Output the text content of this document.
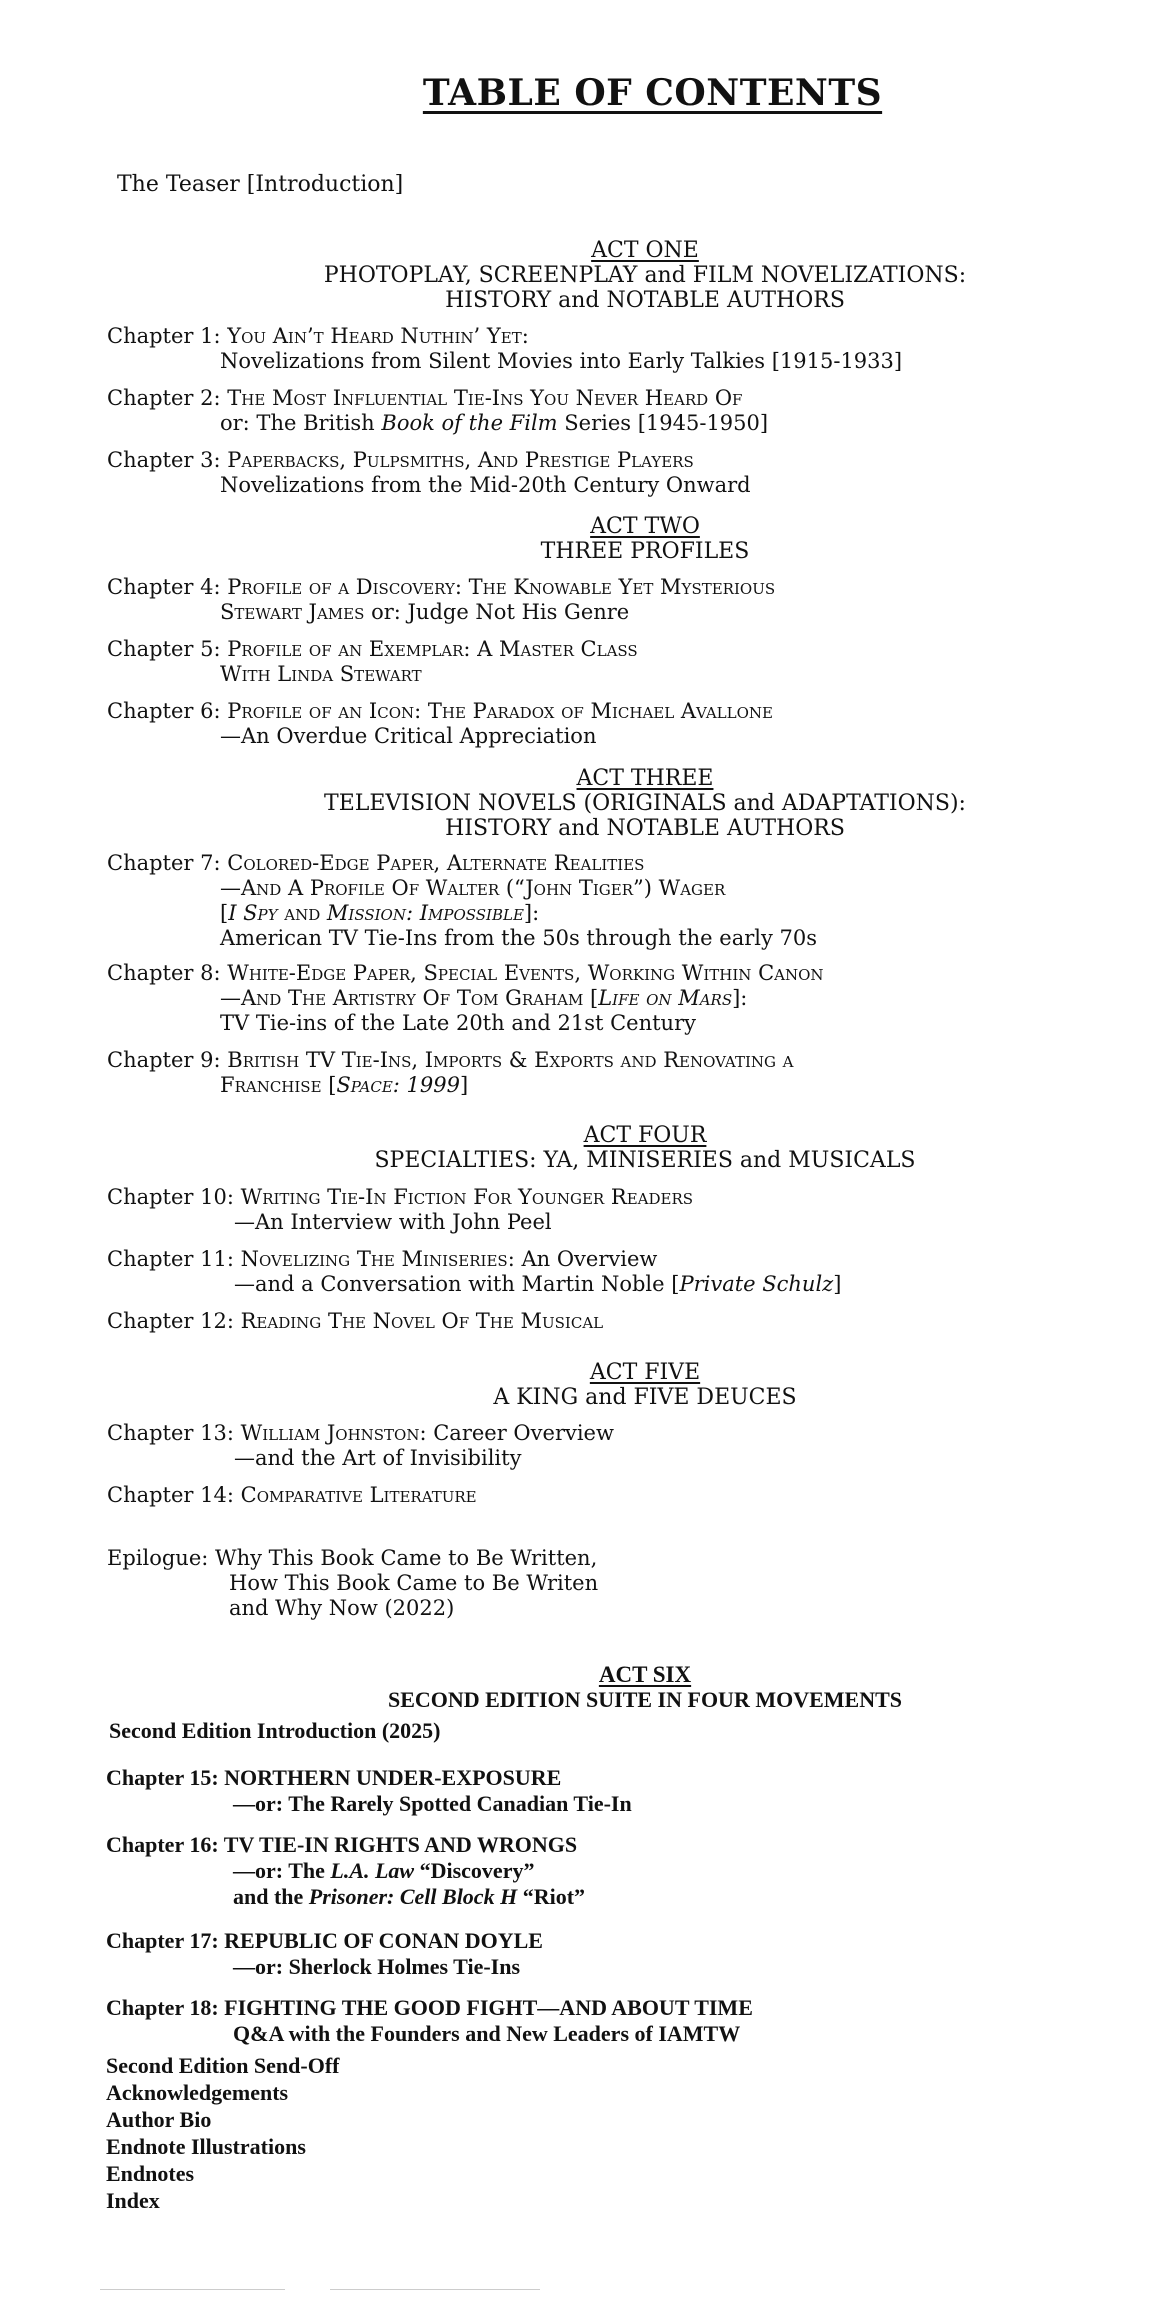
TABLE OF CONTENTS
The Teaser [Introduction]
ACT ONE
PHOTOPLAY, SCREENPLAY and FILM NOVELIZATIONS:
HISTORY and NOTABLE AUTHORS
Chapter 1: You Ain’t Heard Nuthin’ Yet:
Novelizations from Silent Movies into Early Talkies [1915-1933]
Chapter 2: The Most Influential Tie-Ins You Never Heard Of
or: The British Book of the Film Series [1945-1950]
Chapter 3: Paperbacks, Pulpsmiths, And Prestige Players
Novelizations from the Mid-20th Century Onward
ACT TWO
THREE PROFILES
Chapter 4: Profile of a Discovery: The Knowable Yet Mysterious
Stewart James or: Judge Not His Genre
Chapter 5: Profile of an Exemplar: A Master Class
With Linda Stewart
Chapter 6: Profile of an Icon: The Paradox of Michael Avallone
—An Overdue Critical Appreciation
ACT THREE
TELEVISION NOVELS (ORIGINALS and ADAPTATIONS):
HISTORY and NOTABLE AUTHORS
Chapter 7: Colored-Edge Paper, Alternate Realities
—And A Profile Of Walter (“John Tiger”) Wager
[I Spy and Mission: Impossible]:
American TV Tie-Ins from the 50s through the early 70s
Chapter 8: White-Edge Paper, Special Events, Working Within Canon
—And The Artistry Of Tom Graham [Life on Mars]:
TV Tie-ins of the Late 20th and 21st Century
Chapter 9: British TV Tie-Ins, Imports & Exports and Renovating a
Franchise [Space: 1999]
ACT FOUR
SPECIALTIES: YA, MINISERIES and MUSICALS
Chapter 10: Writing Tie-In Fiction For Younger Readers
—An Interview with John Peel
Chapter 11: Novelizing The Miniseries: An Overview
—and a Conversation with Martin Noble [Private Schulz]
Chapter 12: Reading The Novel Of The Musical
ACT FIVE
A KING and FIVE DEUCES
Chapter 13: William Johnston: Career Overview
—and the Art of Invisibility
Chapter 14: Comparative Literature
Epilogue: Why This Book Came to Be Written,
How This Book Came to Be Writen
and Why Now (2022)
ACT SIX
SECOND EDITION SUITE IN FOUR MOVEMENTS
Second Edition Introduction (2025)
Chapter 15: NORTHERN UNDER-EXPOSURE
—or: The Rarely Spotted Canadian Tie-In
Chapter 16: TV TIE-IN RIGHTS AND WRONGS
—or: The L.A. Law “Discovery”
and the Prisoner: Cell Block H “Riot”
Chapter 17: REPUBLIC OF CONAN DOYLE
—or: Sherlock Holmes Tie-Ins
Chapter 18: FIGHTING THE GOOD FIGHT—AND ABOUT TIME
Q&A with the Founders and New Leaders of IAMTW
Second Edition Send-Off
Acknowledgements
Author Bio
Endnote Illustrations
Endnotes
Index
